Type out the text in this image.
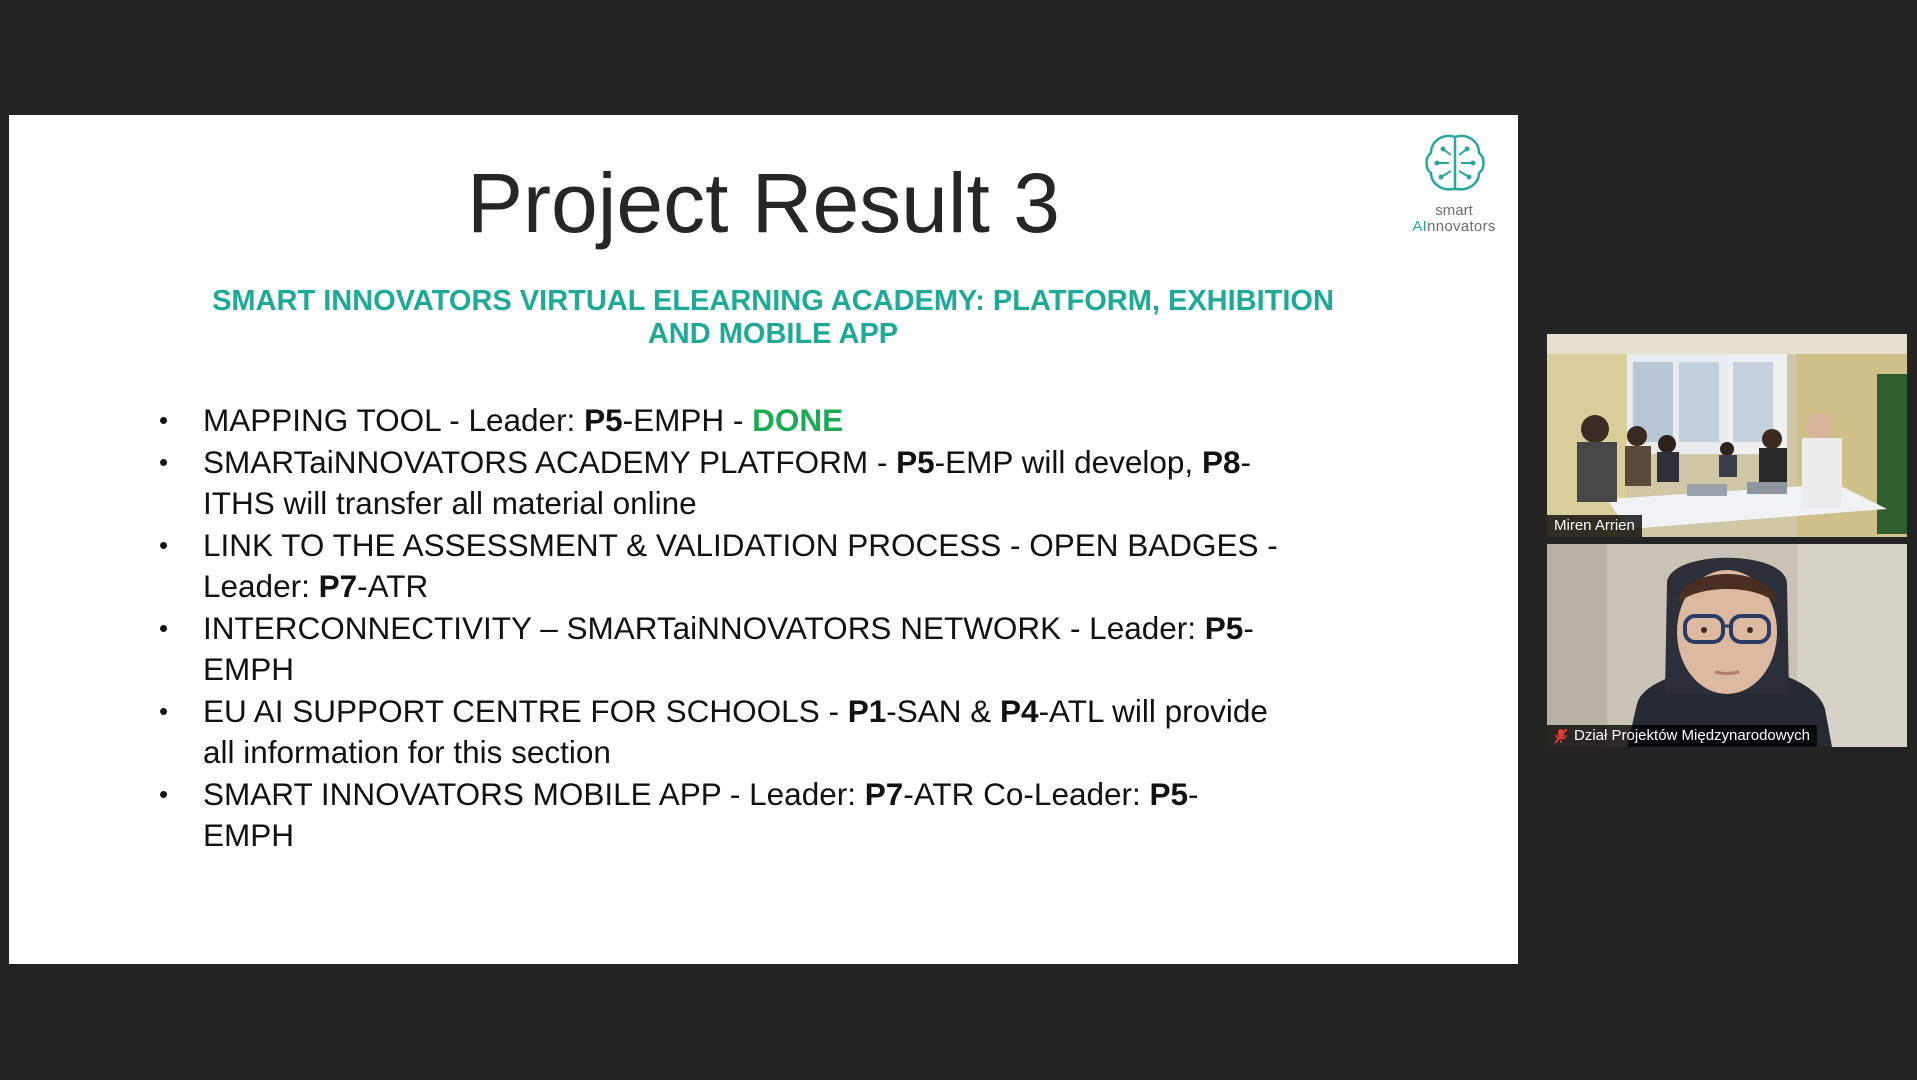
Project Result 3	smart
AInnovators
SMART INNOVATORS VIRTUAL ELEARNING ACADEMY: PLATFORM, EXHIBITION
AND MOBILE APP
• MAPPING TOOL - Leader: P5-EMPH - DONE
• SMARTaiNNOVATORS ACADEMY PLATFORM - P5-EMP will develop, P8-
ITHS will transfer all material online
• LINK TO THE ASSESSMENT & VALIDATION PROCESS - OPEN BADGES -
Leader: P7-ATR
• INTERCONNECTIVITY – SMARTaiNNOVATORS NETWORK - Leader: P5-
EMPH
• EU AI SUPPORT CENTRE FOR SCHOOLS - P1-SAN & P4-ATL will provide
all information for this section
• SMART INNOVATORS MOBILE APP - Leader: P7-ATR Co-Leader: P5-
EMPH
Miren Arrien
Dział Projektów Międzynarodowych
